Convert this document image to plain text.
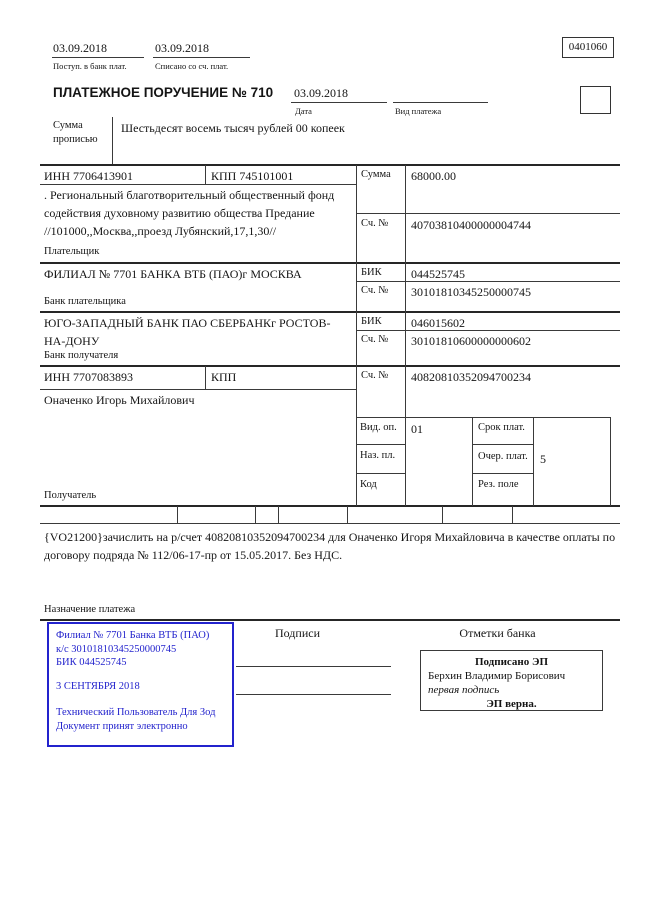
03.09.2018
Поступ. в банк плат.
03.09.2018
Списано со сч. плат.
0401060
ПЛАТЕЖНОЕ ПОРУЧЕНИЕ № 710 03.09.2018
Дата	Вид платежа
Сумма прописью
Шестьдесят восемь тысяч рублей 00 копеек
ИНН 7706413901	КПП 745101001	Сумма 68000.00
. Региональный благотворительный общественный фонд содействия духовному развитию общества Предание //101000,,Москва,,проезд Лубянский,17,1,30//
Плательщик
Сч. № 40703810400000004744
ФИЛИАЛ № 7701 БАНКА ВТБ (ПАО)г МОСКВА
Банк плательщика
БИК 044525745
Сч. № 30101810345250000745
ЮГО-ЗАПАДНЫЙ БАНК ПАО СБЕРБАНКг РОСТОВ-НА-ДОНУ
Банк получателя
БИК 046015602
Сч. № 30101810600000000602
ИНН 7707083893	КПП	Сч. № 40820810352094700234
Оначенко Игорь Михайлович
Получатель
Вид. оп. 01	Срок плат.
Наз. пл.	Очер. плат. 5
Код	Рез. поле
{VO21200}зачислить на р/счет 40820810352094700234 для Оначенко Игоря Михайловича в качестве оплаты по договору подряда № 112/06-17-пр от 15.05.2017. Без НДС.
Назначение платежа
Подписи	Отметки банка
Филиал № 7701 Банка ВТБ (ПАО)
к/с 30101810345250000745
БИК 044525745
3 СЕНТЯБРЯ 2018
Технический Пользователь Для Зод
Документ принят электронно
Подписано ЭП
Берхин Владимир Борисович
первая подпись
ЭП верна.
